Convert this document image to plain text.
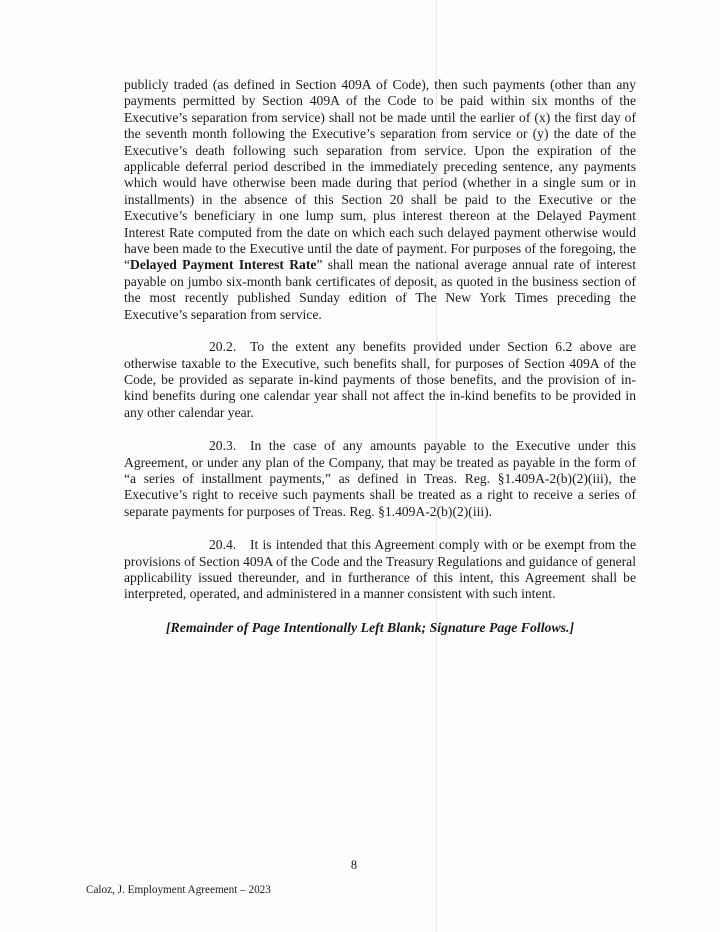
publicly traded (as defined in Section 409A of Code), then such payments (other than any payments permitted by Section 409A of the Code to be paid within six months of the Executive’s separation from service) shall not be made until the earlier of (x) the first day of the seventh month following the Executive’s separation from service or (y) the date of the Executive’s death following such separation from service. Upon the expiration of the applicable deferral period described in the immediately preceding sentence, any payments which would have otherwise been made during that period (whether in a single sum or in installments) in the absence of this Section 20 shall be paid to the Executive or the Executive’s beneficiary in one lump sum, plus interest thereon at the Delayed Payment Interest Rate computed from the date on which each such delayed payment otherwise would have been made to the Executive until the date of payment. For purposes of the foregoing, the “Delayed Payment Interest Rate” shall mean the national average annual rate of interest payable on jumbo six-month bank certificates of deposit, as quoted in the business section of the most recently published Sunday edition of The New York Times preceding the Executive’s separation from service.

20.2. To the extent any benefits provided under Section 6.2 above are otherwise taxable to the Executive, such benefits shall, for purposes of Section 409A of the Code, be provided as separate in-kind payments of those benefits, and the provision of in-kind benefits during one calendar year shall not affect the in-kind benefits to be provided in any other calendar year.

20.3. In the case of any amounts payable to the Executive under this Agreement, or under any plan of the Company, that may be treated as payable in the form of “a series of installment payments,” as defined in Treas. Reg. §1.409A-2(b)(2)(iii), the Executive’s right to receive such payments shall be treated as a right to receive a series of separate payments for purposes of Treas. Reg. §1.409A-2(b)(2)(iii).

20.4. It is intended that this Agreement comply with or be exempt from the provisions of Section 409A of the Code and the Treasury Regulations and guidance of general applicability issued thereunder, and in furtherance of this intent, this Agreement shall be interpreted, operated, and administered in a manner consistent with such intent.

[Remainder of Page Intentionally Left Blank; Signature Page Follows.]

8
Caloz, J. Employment Agreement – 2023
